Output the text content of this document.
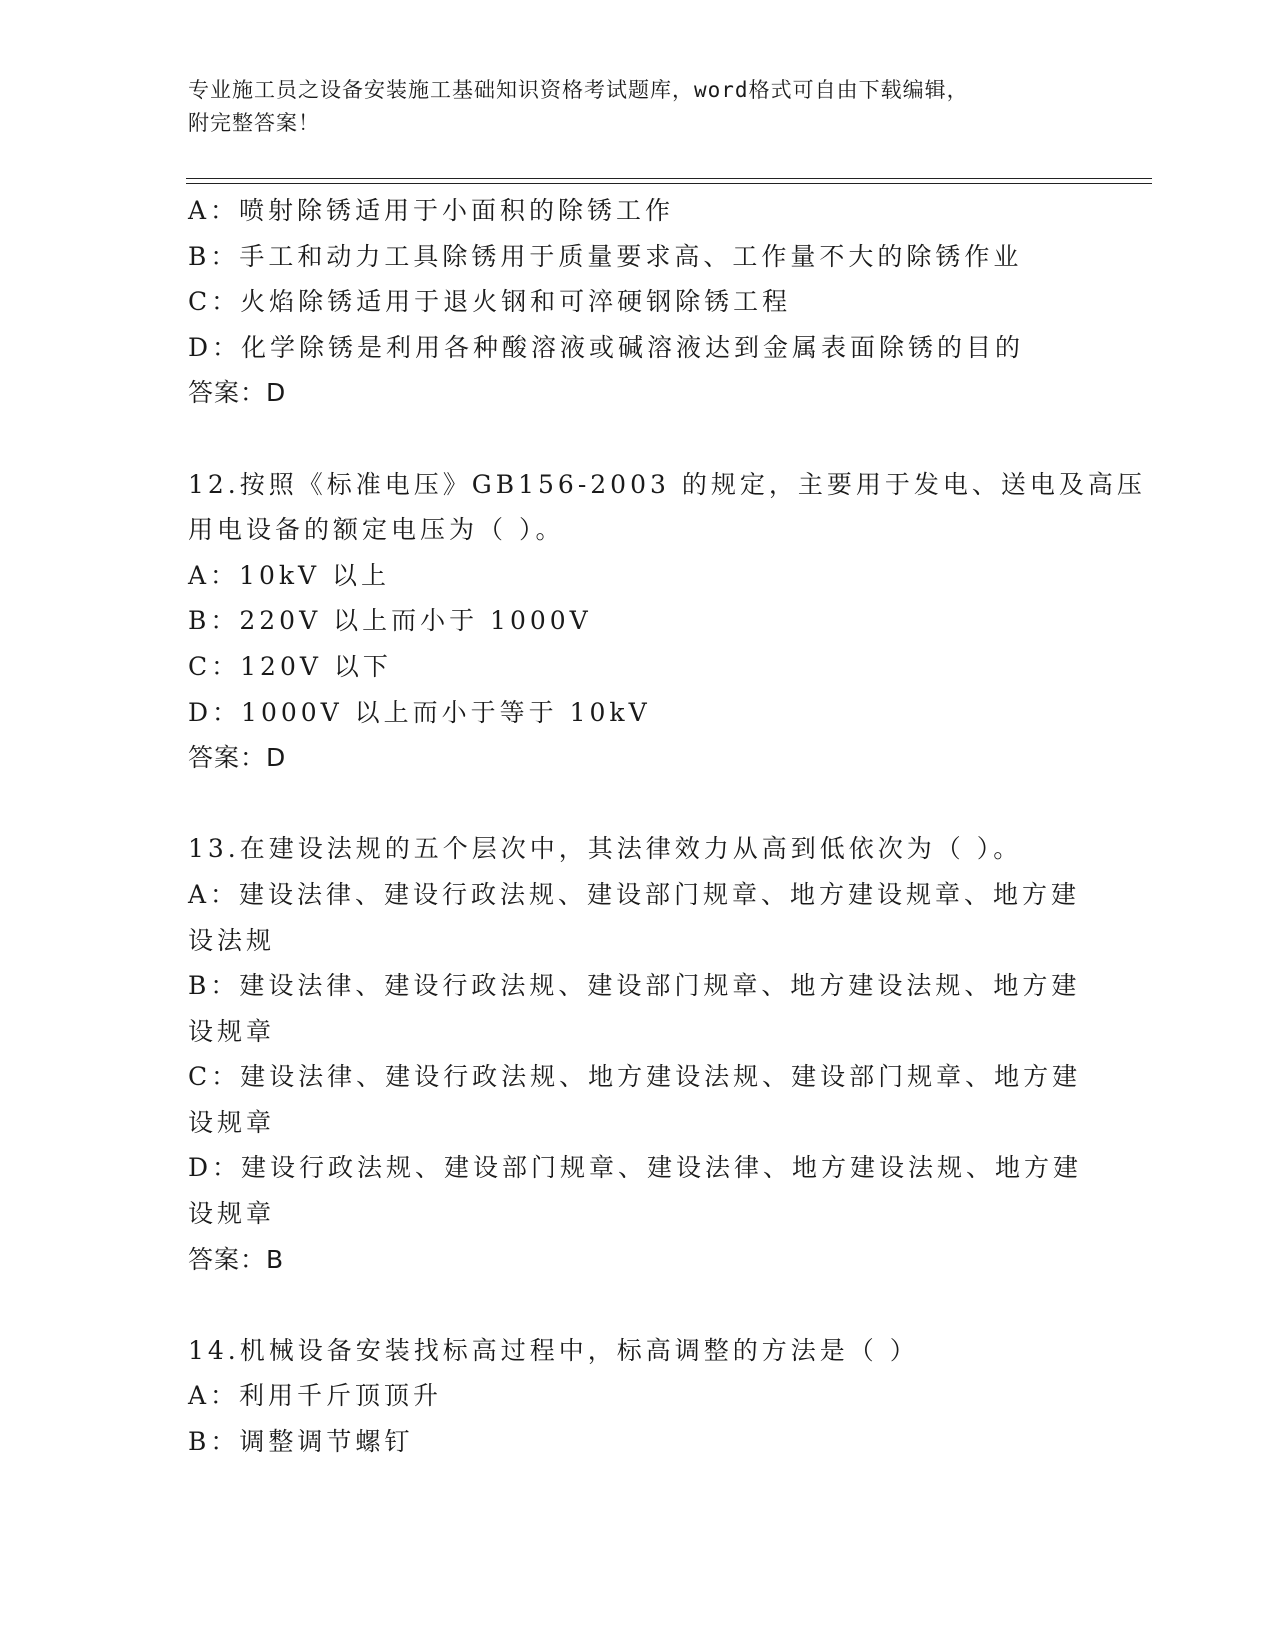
专业施工员之设备安装施工基础知识资格考试题库，word格式可自由下载编辑，
附完整答案！
A：喷射除锈适用于小面积的除锈工作
B：手工和动力工具除锈用于质量要求高、工作量不大的除锈作业
C：火焰除锈适用于退火钢和可淬硬钢除锈工程
D：化学除锈是利用各种酸溶液或碱溶液达到金属表面除锈的目的
答案：D
12.按照《标准电压》GB156-2003 的规定，主要用于发电、送电及高压
用电设备的额定电压为（ ）。
A：10kV 以上
B：220V 以上而小于 1000V
C：120V 以下
D：1000V 以上而小于等于 10kV
答案：D
13.在建设法规的五个层次中，其法律效力从高到低依次为（ ）。
A：建设法律、建设行政法规、建设部门规章、地方建设规章、地方建
设法规
B：建设法律、建设行政法规、建设部门规章、地方建设法规、地方建
设规章
C：建设法律、建设行政法规、地方建设法规、建设部门规章、地方建
设规章
D：建设行政法规、建设部门规章、建设法律、地方建设法规、地方建
设规章
答案：B
14.机械设备安装找标高过程中，标高调整的方法是（ ）
A：利用千斤顶顶升
B：调整调节螺钉
